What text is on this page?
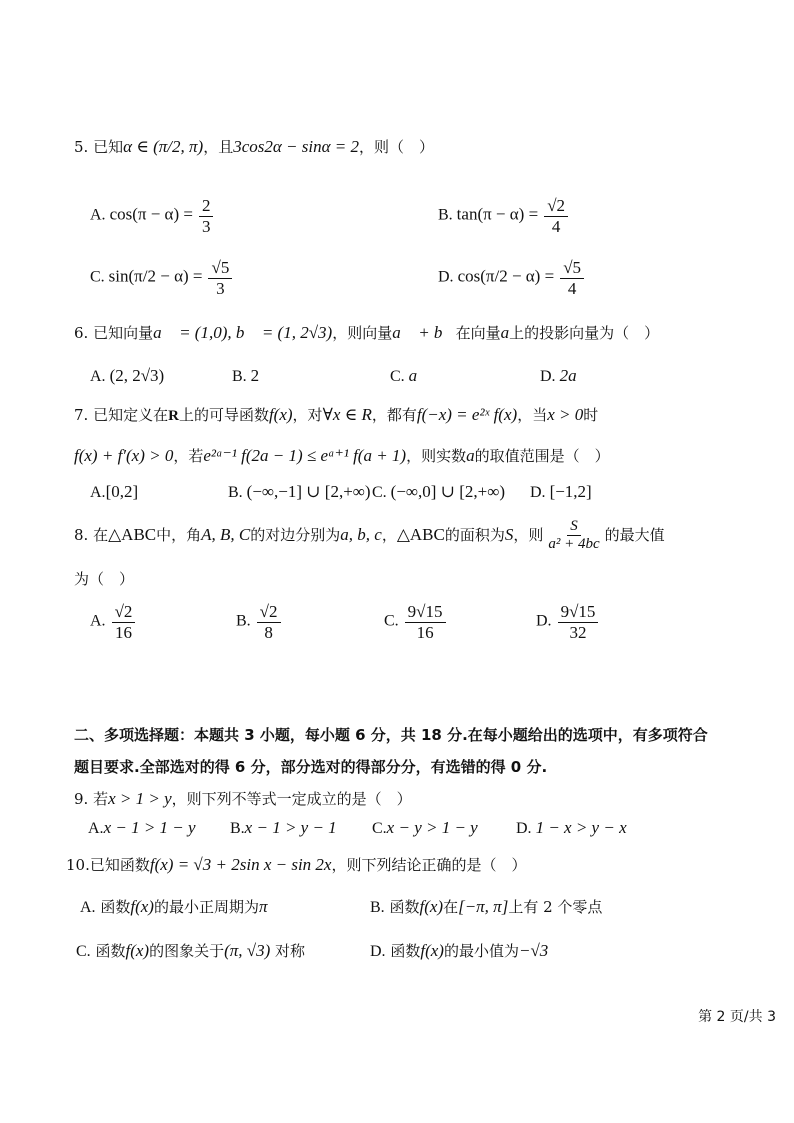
5. 已知α ∈ (π/2, π)，且3cos2α − sinα = 2，则（　）
A. $\cos(\pi - \alpha) = \frac{2}{3}$	B. $\tan(\pi - \alpha) = \frac{√2}{4}$
C. $\sin(\pi/2 - \alpha) = \frac{√5}{3}$	D. $\cos(\pi/2 - \alpha) = \frac{√5}{4}$
6. 已知向量a⃗ = (1,0), b⃗ = (1, 2√3)，则向量a⃗ + b⃗在向量a上的投影向量为（　）
A. (2, 2√3)	B. 2	C. a⃗	D. 2a⃗
7. 已知定义在R上的可导函数f(x)，对∀x ∈ R，都有f(−x) = e²ˣ f(x)，当x > 0时
f(x) + f′(x) > 0，若e²ᵃ⁻¹ f(2a − 1) ≤ eᵃ⁺¹ f(a + 1)，则实数a的取值范围是（　）
A.[0,2]	B. (−∞,−1] ∪ [2,+∞) C. (−∞,0] ∪ [2,+∞) D. [−1,2]
8. 在△ABC中，角A, B, C的对边分别为a, b, c，△ABC的面积为S，则 $\frac{S}{\text{a² + 4bc}}$ 的最大值
为（　）
A. $\frac{√2}{16}$	B. $\frac{√2}{8}$	C. $\frac{9√15}{16}$	D. $\frac{9√15}{32}$
二、多项选择题：本题共 3 小题，每小题 6 分，共 18 分.在每小题给出的选项中，有多项符合
题目要求.全部选对的得 6 分，部分选对的得部分分，有选错的得 0 分.
9. 若x > 1 > y，则下列不等式一定成立的是（　）
A.x − 1 > 1 − y B.x − 1 > y − 1 C.x − y > 1 − y D. 1 − x > y − x
10.已知函数f(x) = √3 + 2sin x − sin 2x，则下列结论正确的是（　）
A. 函数f(x)的最小正周期为π	B. 函数f(x)在[−π, π]上有 2 个零点
C. 函数f(x)的图象关于(π, √3) 对称	D. 函数f(x)的最小值为−√3
第 2 页/共 3
